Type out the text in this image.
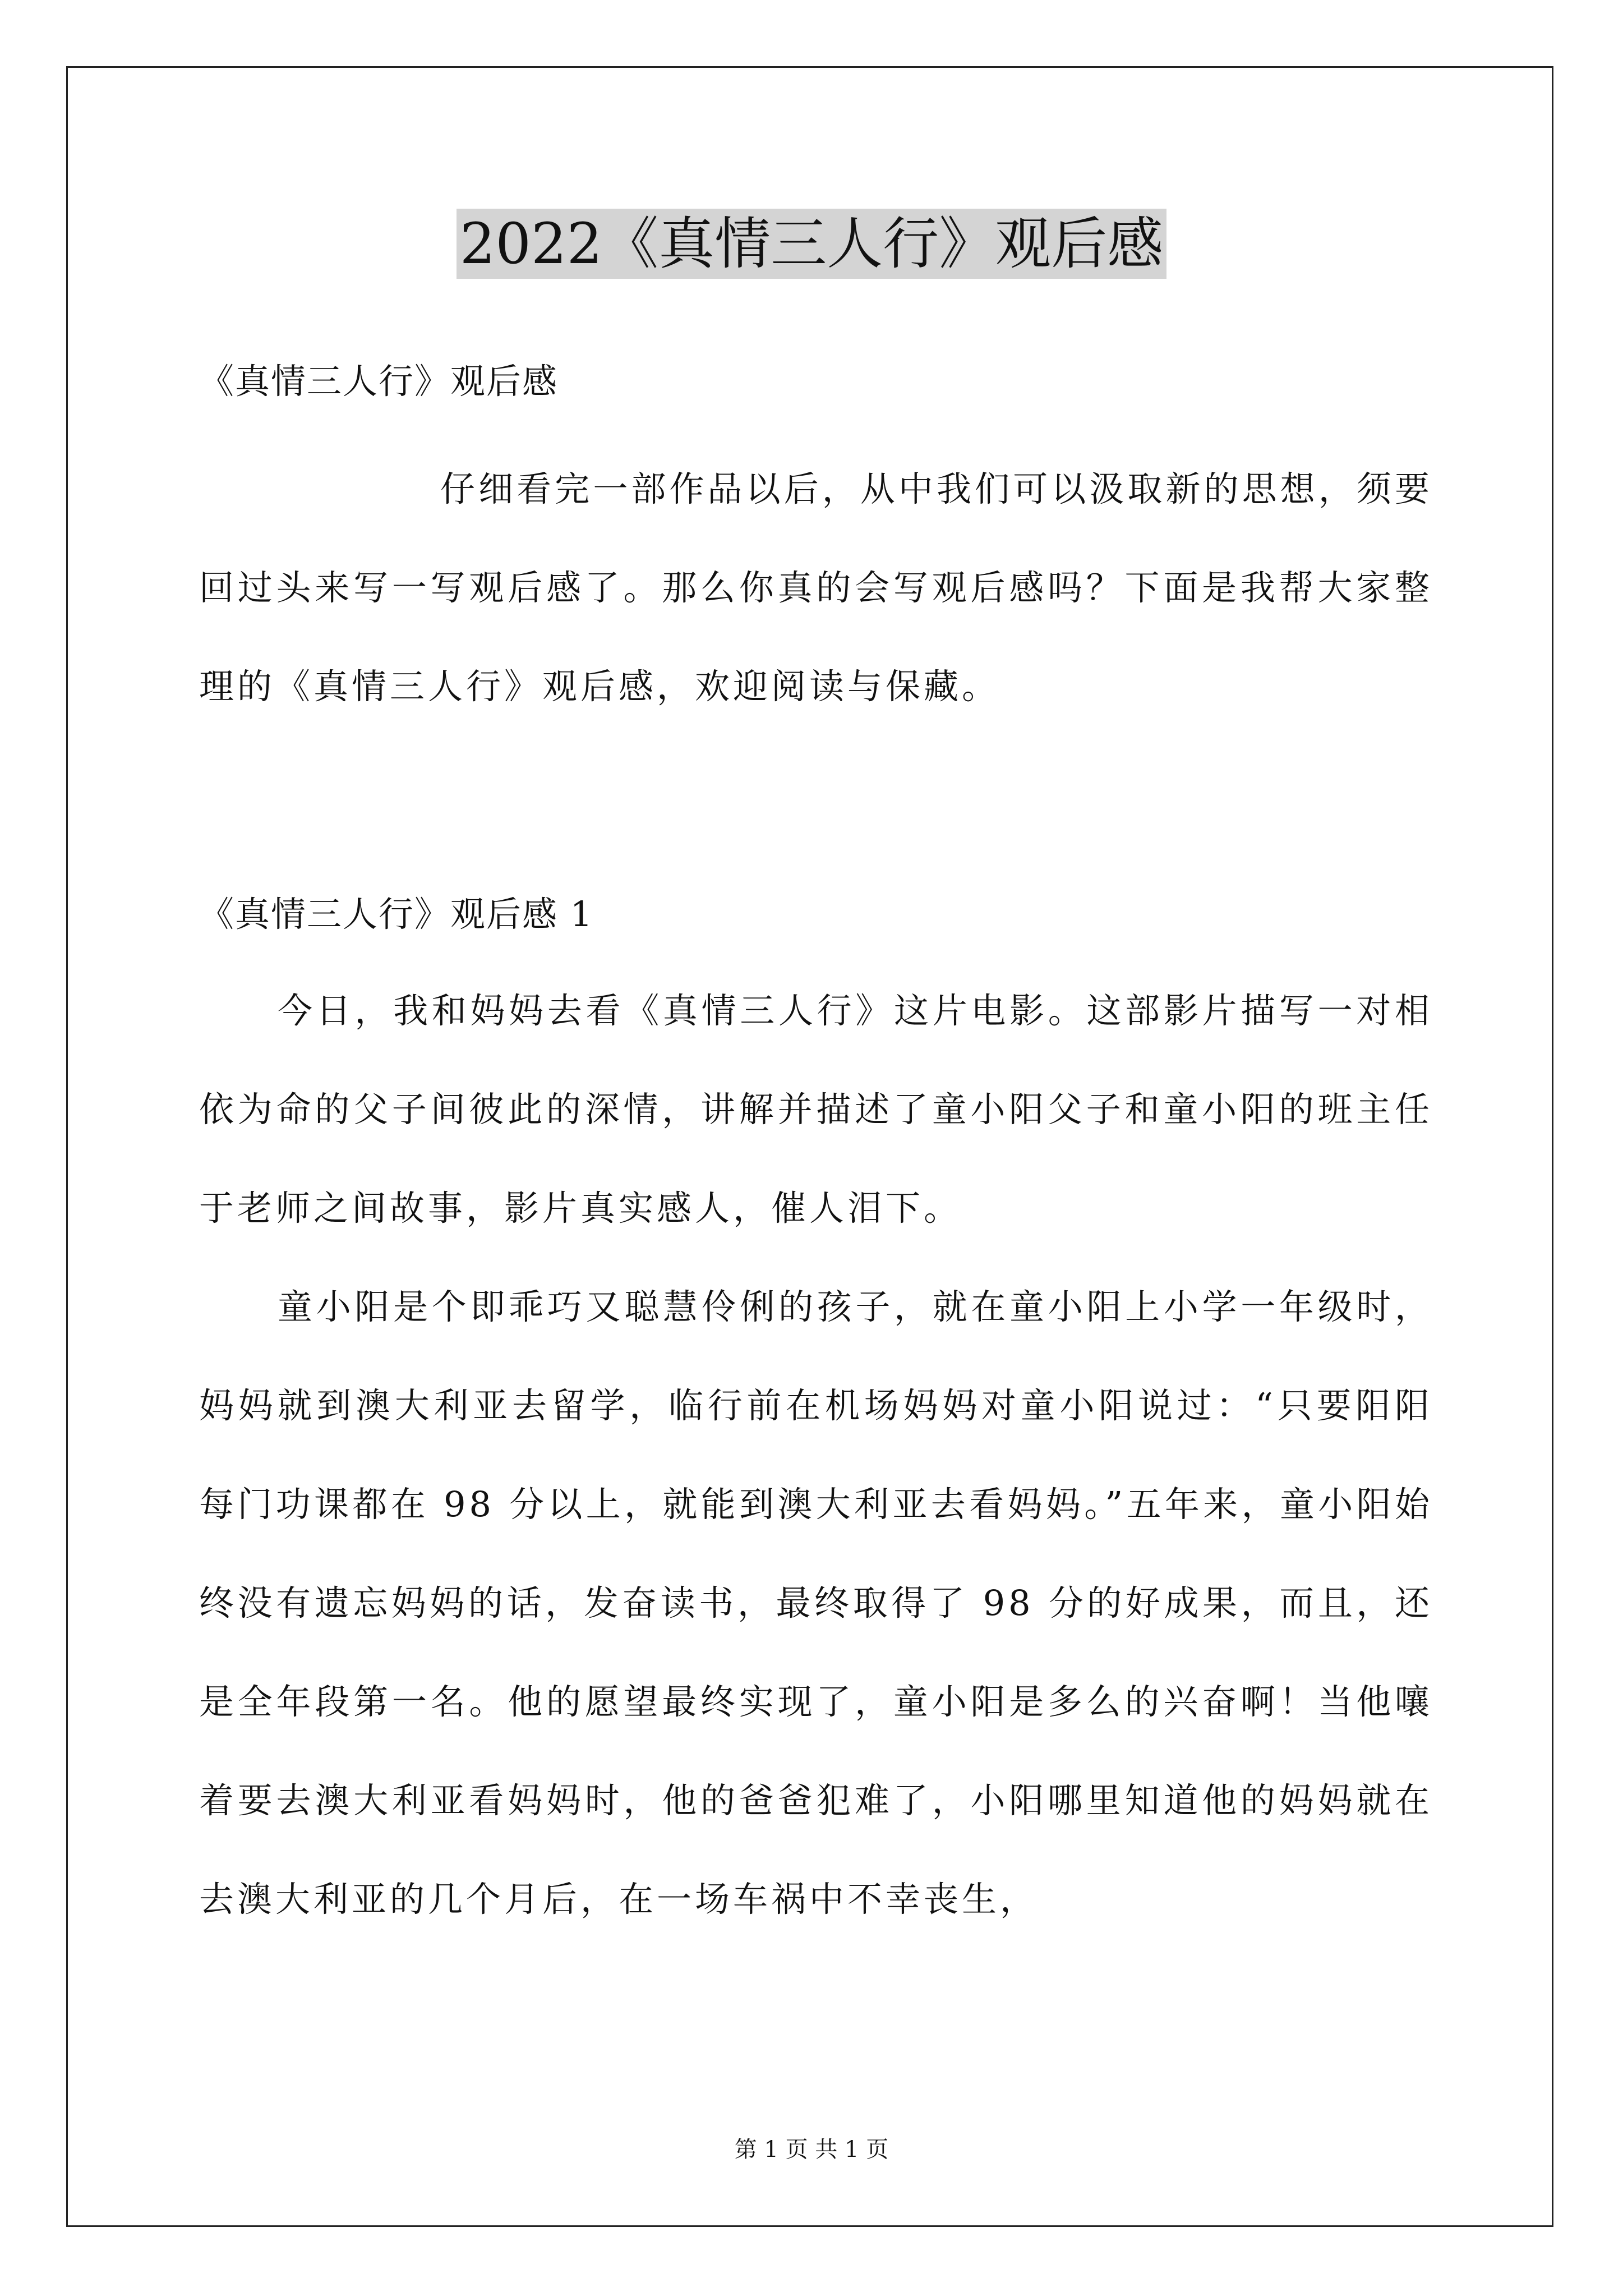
2022《真情三人行》观后感

《真情三人行》观后感

仔细看完一部作品以后，从中我们可以汲取新的思想，须要回过头来写一写观后感了。那么你真的会写观后感吗？下面是我帮大家整理的《真情三人行》观后感，欢迎阅读与保藏。

《真情三人行》观后感 1

今日，我和妈妈去看《真情三人行》这片电影。这部影片描写一对相依为命的父子间彼此的深情，讲解并描述了童小阳父子和童小阳的班主任于老师之间故事，影片真实感人，催人泪下。

童小阳是个即乖巧又聪慧伶俐的孩子，就在童小阳上小学一年级时，妈妈就到澳大利亚去留学，临行前在机场妈妈对童小阳说过：“只要阳阳每门功课都在 98 分以上，就能到澳大利亚去看妈妈。”五年来，童小阳始终没有遗忘妈妈的话，发奋读书，最终取得了 98 分的好成果，而且，还是全年段第一名。他的愿望最终实现了，童小阳是多么的兴奋啊！当他嚷着要去澳大利亚看妈妈时，他的爸爸犯难了，小阳哪里知道他的妈妈就在去澳大利亚的几个月后，在一场车祸中不幸丧生，

第 1 页 共 1 页
